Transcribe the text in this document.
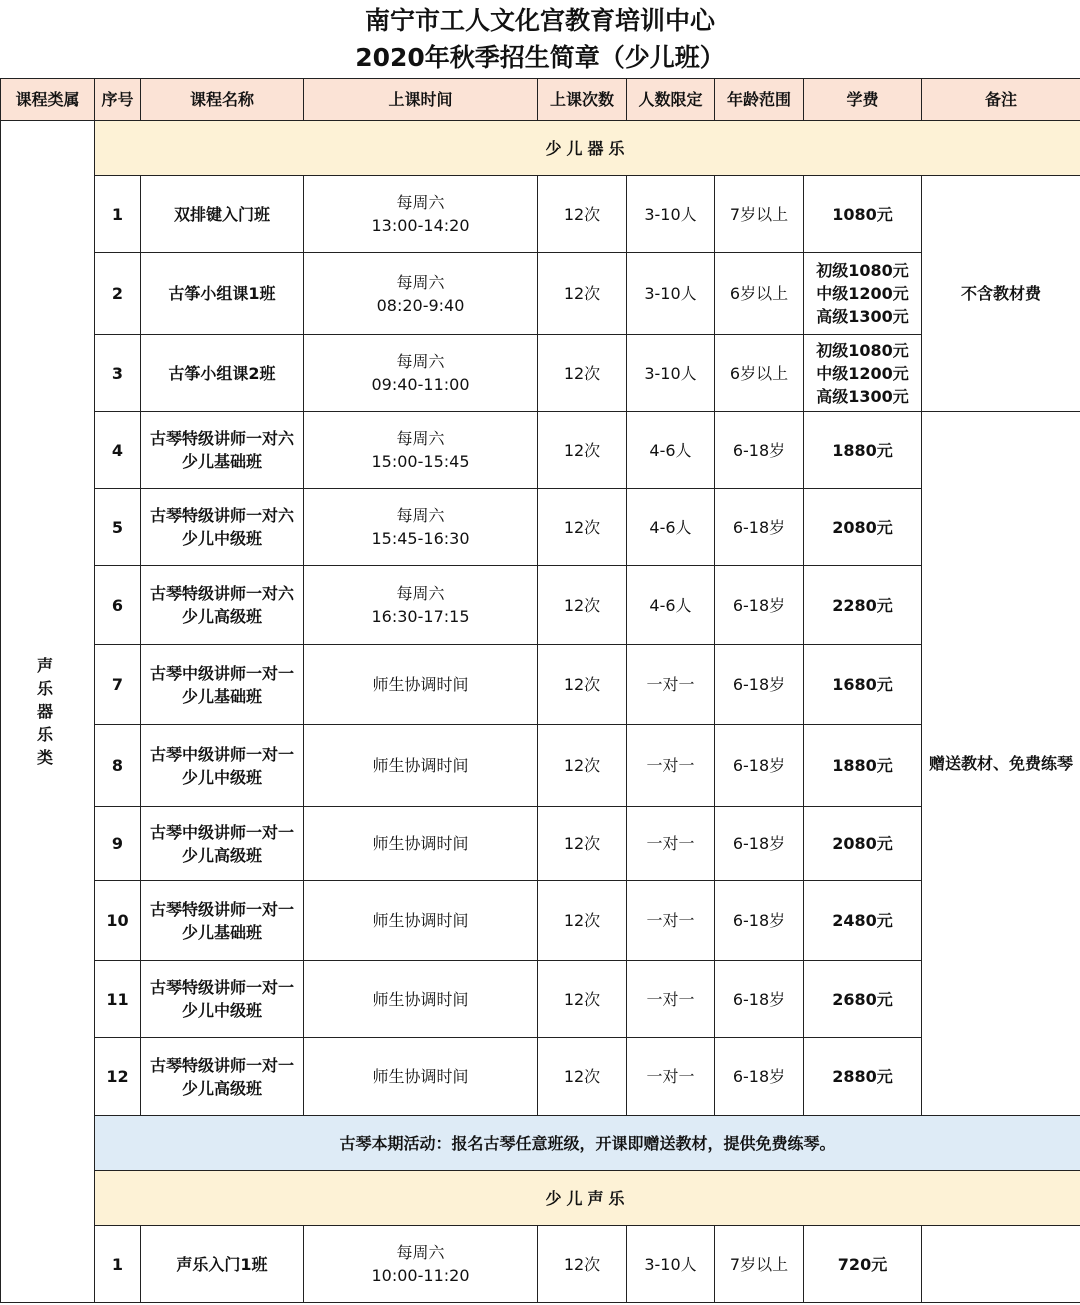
南宁市工人文化宫教育培训中心
2020年秋季招生简章（少儿班）
课程类属	序号	课程名称	上课时间	上课次数	人数限定	年龄范围	学费	备注

声
乐
器
乐
类	少儿器乐							
	1	双排键入门班	每周六
13:00-14:20	12次	3-10人	7岁以上	1080元	不含教材费
	2	古筝小组课1班	每周六
08:20-9:40	12次	3-10人	6岁以上	初级1080元
中级1200元
高级1300元	

	3	古筝小组课2班	每周六
09:40-11:00	12次	3-10人	6岁以上	初级1080元
中级1200元
高级1300元	

	4	古琴特级讲师一对六
少儿基础班	每周六
15:00-15:45	12次	4-6人	6-18岁	1880元	赠送教材、免费练琴
	5	古琴特级讲师一对六
少儿中级班	每周六
15:45-16:30	12次	4-6人	6-18岁	2080元	

	6	古琴特级讲师一对六
少儿高级班	每周六
16:30-17:15	12次	4-6人	6-18岁	2280元	

	7	古琴中级讲师一对一
少儿基础班	师生协调时间	12次	一对一	6-18岁	1680元	

	8	古琴中级讲师一对一
少儿中级班	师生协调时间	12次	一对一	6-18岁	1880元	

	9	古琴中级讲师一对一
少儿高级班	师生协调时间	12次	一对一	6-18岁	2080元	

	10	古琴特级讲师一对一
少儿基础班	师生协调时间	12次	一对一	6-18岁	2480元	

	11	古琴特级讲师一对一
少儿中级班	师生协调时间	12次	一对一	6-18岁	2680元	

	12	古琴特级讲师一对一
少儿高级班	师生协调时间	12次	一对一	6-18岁	2880元	

	古琴本期活动：报名古琴任意班级，开课即赠送教材，提供免费练琴。							
	少儿声乐							
	1	声乐入门1班	每周六
10:00-11:20	12次	3-10人	7岁以上	720元	
